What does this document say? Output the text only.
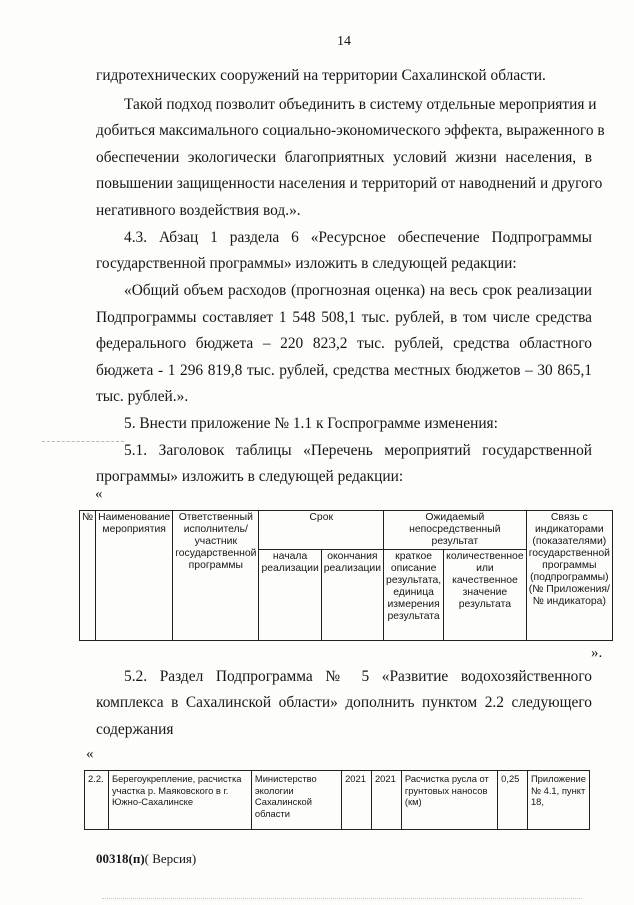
14
гидротехнических сооружений на территории Сахалинской области.
Такой подход позволит объединить в систему отдельные мероприятия и
добиться максимального социально-экономического эффекта, выраженного в
обеспечении экологически благоприятных условий жизни населения, в
повышении защищенности населения и территорий от наводнений и другого
негативного воздействия вод.».
4.3. Абзац 1 раздела 6 «Ресурсное обеспечение Подпрограммы
государственной программы» изложить в следующей редакции:
«Общий объем расходов (прогнозная оценка) на весь срок реализации
Подпрограммы составляет 1 548 508,1 тыс. рублей, в том числе средства
федерального бюджета – 220 823,2 тыс. рублей, средства областного
бюджета - 1 296 819,8 тыс. рублей, средства местных бюджетов – 30 865,1
тыс. рублей.».
5. Внести приложение № 1.1 к Госпрограмме изменения:
5.1. Заголовок таблицы «Перечень мероприятий государственной
программы» изложить в следующей редакции:
5.2. Раздел Подпрограмма № 5 «Развитие водохозяйственного
комплекса в Сахалинской области» дополнить пунктом 2.2 следующего
содержания
«
№	Наименование мероприятия	Ответственный исполнитель/ участник государственной программы	Срок		Ожидаемый непосредственный результат		Связь с индикаторами (показателями) государственной программы (подпрограммы) (№ Приложения/ № индикатора)
			начала реализации	окончания реализации	краткое описание результата, единица измерения результата	количественное или качественное значение результата	
».
«
2.2.	Берегоукрепление, расчистка участка р. Маяковского в г. Южно-Сахалинске	Министерство экологии Сахалинской области	2021	2021	Расчистка русла от грунтовых наносов (км)	0,25	Приложение № 4.1, пункт 18,
00318(п)( Версия)
